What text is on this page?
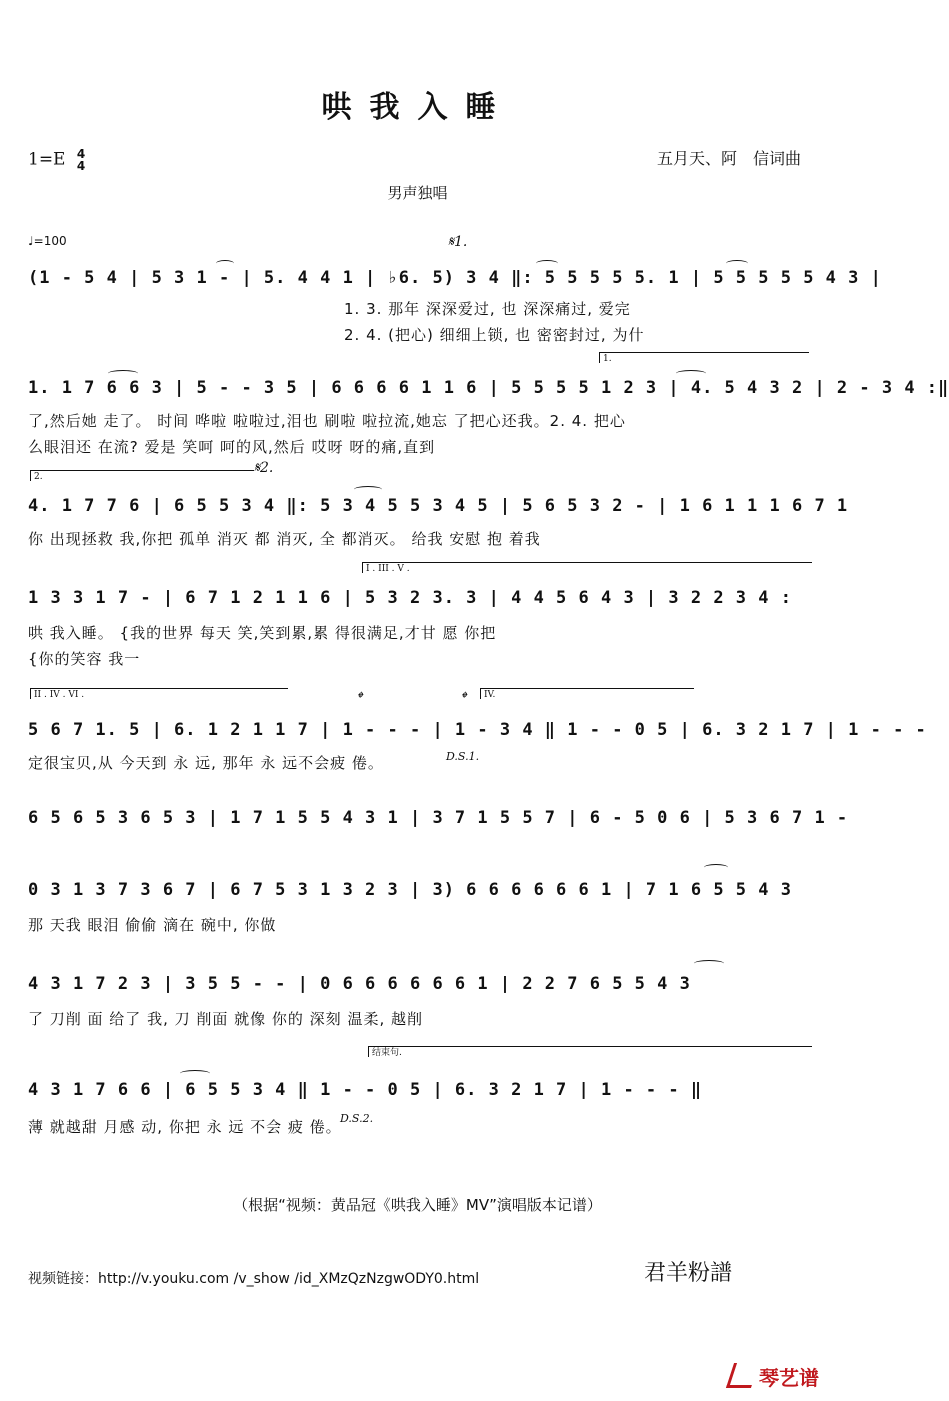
哄我入睡
1=E 4
4	五月天、阿　信词曲
男声独唱
♩=100	𝄋1.
𝄋2.
𝄌	𝄌
D.S.1.
D.S.2.
1.
2.
I . III . V .
II . IV . VI .	IV.
结束句.
(1 - 5 4 | 5 3 1 - | 5. 4 4 1 | ♭6. 5) 3 4 ‖: 5 5 5 5 5. 1 | 5 5 5 5 5 4 3 |
1. 3. 那年 深深爱过, 也 深深痛过, 爱完
2. 4. (把心) 细细上锁, 也 密密封过, 为什
1. 1 7 6 6 3 | 5 - - 3 5 | 6 6 6 6 1 1 6 | 5 5 5 5 1 2 3 | 4. 5 4 3 2 | 2 - 3 4 :‖
了,然后她 走了。 时间 哗啦 啦啦过,泪也 刷啦 啦拉流,她忘 了把心还我。2. 4. 把心
么眼泪还 在流? 爱是 笑呵 呵的风,然后 哎呀 呀的痛,直到
4. 1 7 7 6 | 6 5 5 3 4 ‖: 5 3 4 5 5 3 4 5 | 5 6 5 3 2 - | 1 6 1 1 1 6 7 1
你 出现拯救 我,你把 孤单 消灭 都 消灭, 全 都消灭。 给我 安慰 抱 着我
1 3 3 1 7 - | 6 7 1 2 1 1 6 | 5 3 2 3. 3 | 4 4 5 6 4 3 | 3 2 2 3 4 :
哄 我入睡。 {我的世界 每天 笑,笑到累,累 得很满足,才甘 愿 你把
{你的笑容 我一
5 6 7 1. 5 | 6. 1 2 1 1 7 | 1 - - - | 1 - 3 4 ‖ 1 - - 0 5 | 6. 3 2 1 7 | 1 - - -
定很宝贝,从 今天到 永 远, 那年 永 远不会疲 倦。
6 5 6 5 3 6 5 3 | 1 7 1 5 5 4 3 1 | 3 7 1 5 5 7 | 6 - 5 0 6 | 5 3 6 7 1 -
0 3 1 3 7 3 6 7 | 6 7 5 3 1 3 2 3 | 3) 6 6 6 6 6 6 1 | 7 1 6 5 5 4 3
那 天我 眼泪 偷偷 滴在 碗中, 你做
4 3 1 7 2 3 | 3 5 5 - - | 0 6 6 6 6 6 6 1 | 2 2 7 6 5 5 4 3
了 刀削 面 给了 我, 刀 削面 就像 你的 深刻 温柔, 越削
4 3 1 7 6 6 | 6 5 5 3 4 ‖ 1 - - 0 5 | 6. 3 2 1 7 | 1 - - - ‖
薄 就越甜 月感 动, 你把 永 远 不会 疲 倦。
（根据“视频：黄品冠《哄我入睡》MV”演唱版本记谱）
视频链接：http://v.youku.com /v_show /id_XMzQzNzgwODY0.html	君羊粉譜
琴艺谱
